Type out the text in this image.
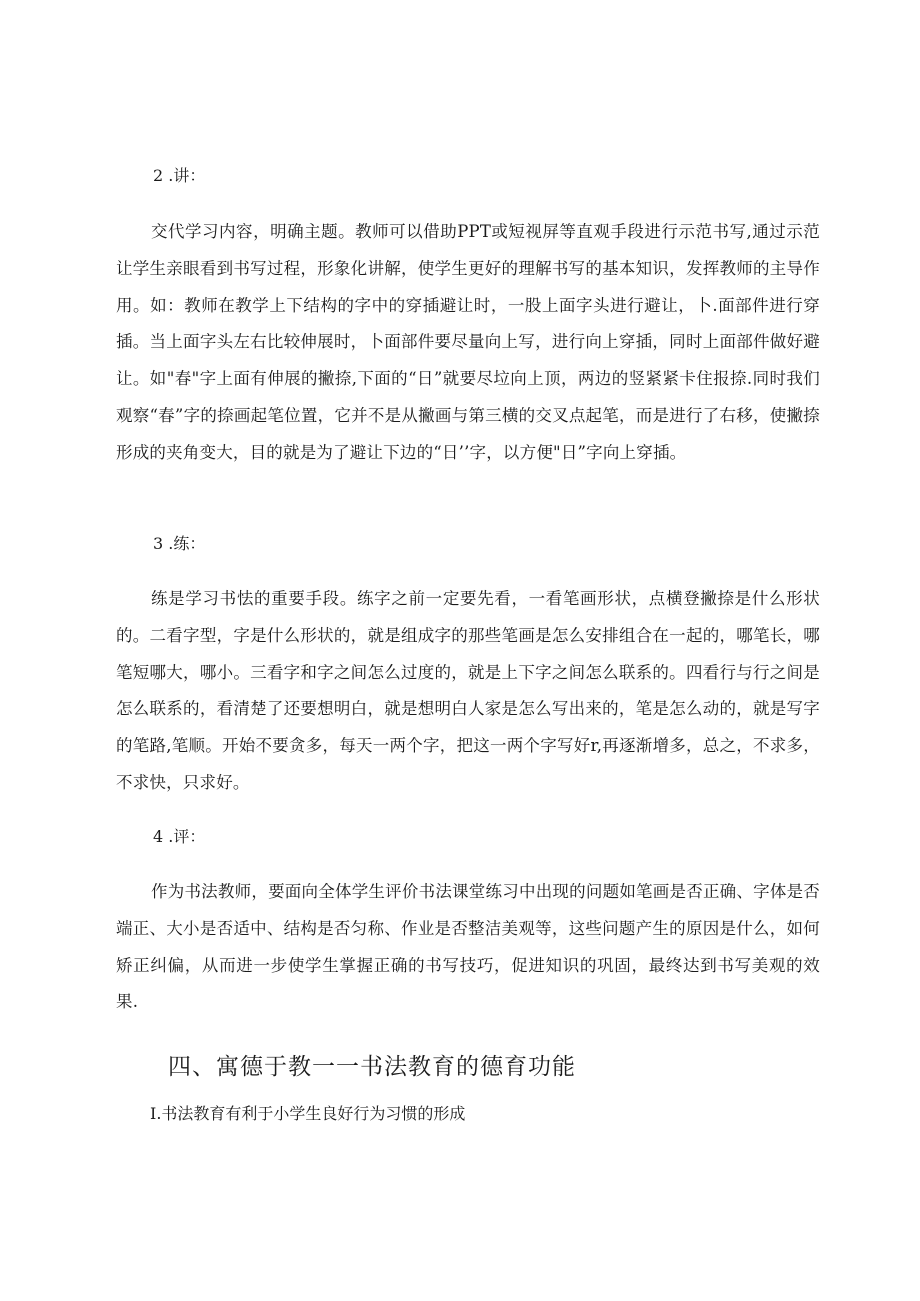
2 .讲：
交代学习内容，明确主题。教师可以借助PPT或短视屏等直观手段进行示范书写,通过示范让学生亲眼看到书写过程，形象化讲解，使学生更好的理解书写的基本知识，发挥教师的主导作用。如：教师在教学上下结构的字中的穿插避让时，一股上面字头进行避让，卜.面部件进行穿插。当上面字头左右比较伸展时，卜面部件要尽量向上写，进行向上穿插，同时上面部件做好避让。如"春"字上面有伸展的撇捺,下面的“日”就要尽垃向上顶，两边的竖紧紧卡住报捺.同时我们观察“春”字的捺画起笔位置，它并不是从撇画与第三横的交叉点起笔，而是进行了右移，使撇捺形成的夹角变大，目的就是为了避让下边的“日’’字，以方便"日”字向上穿插。
3 .练：
练是学习书怯的重要手段。练字之前一定要先看，一看笔画形状，点横登撇捺是什么形状的。二看字型，字是什么形状的，就是组成字的那些笔画是怎么安排组合在一起的，哪笔长，哪笔短哪大，哪小。三看字和字之间怎么过度的，就是上下字之间怎么联系的。四看行与行之间是怎么联系的，看清楚了还要想明白，就是想明白人家是怎么写出来的，笔是怎么动的，就是写字的笔路,笔顺。开始不要贪多，每天一两个字，把这一两个字写好r,再逐渐增多，总之，不求多，不求快，只求好。
4 .评：
作为书法教师，要面向全体学生评价书法课堂练习中出现的问题如笔画是否正确、字体是否端正、大小是否适中、结构是否匀称、作业是否整洁美观等，这些问题产生的原因是什么，如何矫正纠偏，从而进一步使学生掌握正确的书写技巧，促进知识的巩固，最终达到书写美观的效果.
四、寓德于教一一书法教育的德育功能
I.书法教育有利于小学生良好行为习惯的形成
